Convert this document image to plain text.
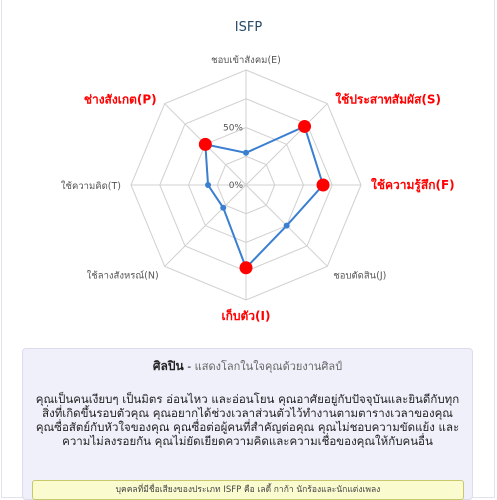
ISFP
0%
50%
ชอบเข้าสังคม(E)
ใช้ประสาทสัมผัส(S)
ใช้ความรู้สึก(F)
ชอบตัดสิน(J)
เก็บตัว(I)
ใช้ลางสังหรณ์(N)
ใช้ความคิด(T)
ช่างสังเกต(P)
ศิลปิน - แสดงโลกในใจคุณด้วยงานศิลป์
คุณเป็นคนเงียบๆ เป็นมิตร อ่อนไหว และอ่อนโยน คุณอาศัยอยู่กับปัจจุบันและยินดีกับทุกสิ่งที่เกิดขึ้นรอบตัวคุณ คุณอยากได้ช่วงเวลาส่วนตัวไว้ทำงานตามตารางเวลาของคุณ คุณซื่อสัตย์กับหัวใจของคุณ คุณซื่อต่อผู้คนที่สำคัญต่อคุณ คุณไม่ชอบความขัดแย้ง และความไม่ลงรอยกัน คุณไม่ยัดเยียดความคิดและความเชื่อของคุณให้กับคนอื่น
บุคคลที่มีชื่อเสียงของประเภท ISFP คือ เลดี้ กาก้า นักร้องและนักแต่งเพลง
